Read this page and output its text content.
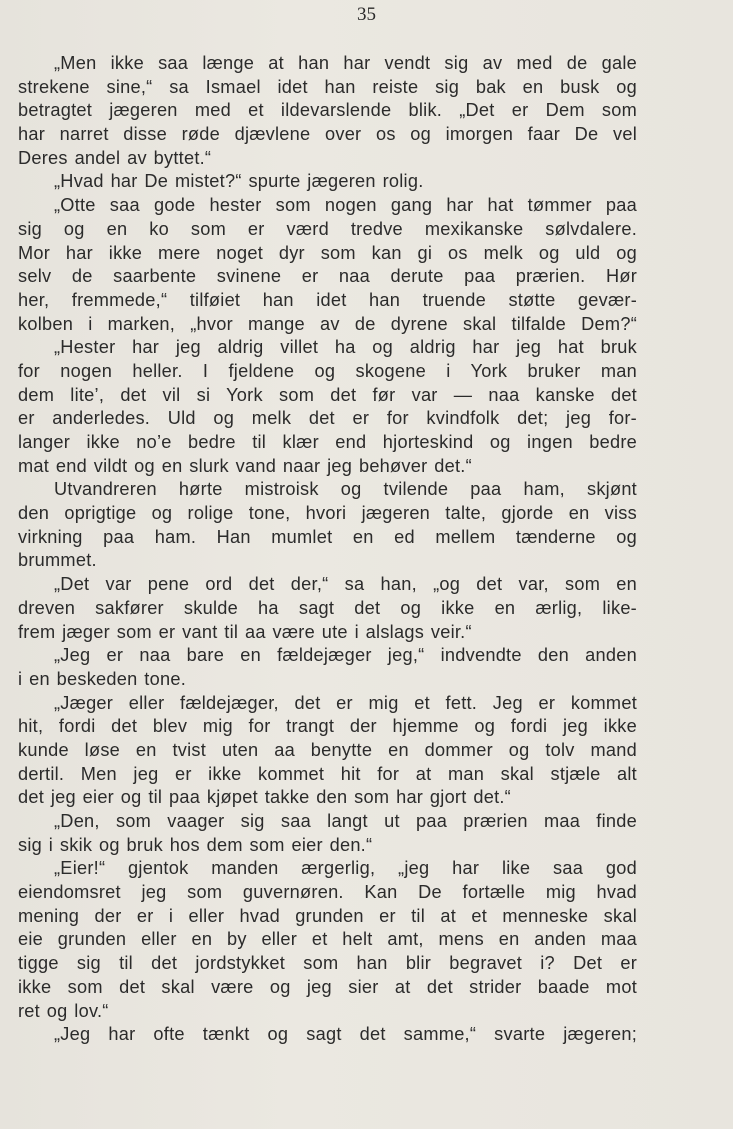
35

„Men ikke saa længe at han har vendt sig av med de gale
strekene sine,“ sa Ismael idet han reiste sig bak en busk og
betragtet jægeren med et ildevarslende blik. „Det er Dem som
har narret disse røde djævlene over os og imorgen faar De vel
Deres andel av byttet.“
„Hvad har De mistet?“ spurte jægeren rolig.
„Otte saa gode hester som nogen gang har hat tømmer paa
sig og en ko som er værd tredve mexikanske sølvdalere.
Mor har ikke mere noget dyr som kan gi os melk og uld og
selv de saarbente svinene er naa derute paa prærien. Hør
her, fremmede,“ tilføiet han idet han truende støtte gevær-
kolben i marken, „hvor mange av de dyrene skal tilfalde Dem?“
„Hester har jeg aldrig villet ha og aldrig har jeg hat bruk
for nogen heller. I fjeldene og skogene i York bruker man
dem lite’, det vil si York som det før var — naa kanske det
er anderledes. Uld og melk det er for kvindfolk det; jeg for-
langer ikke no’e bedre til klær end hjorteskind og ingen bedre
mat end vildt og en slurk vand naar jeg behøver det.“
Utvandreren hørte mistroisk og tvilende paa ham, skjønt
den oprigtige og rolige tone, hvori jægeren talte, gjorde en viss
virkning paa ham. Han mumlet en ed mellem tænderne og
brummet.
„Det var pene ord det der,“ sa han, „og det var, som en
dreven sakfører skulde ha sagt det og ikke en ærlig, like-
frem jæger som er vant til aa være ute i alslags veir.“
„Jeg er naa bare en fældejæger jeg,“ indvendte den anden
i en beskeden tone.
„Jæger eller fældejæger, det er mig et fett. Jeg er kommet
hit, fordi det blev mig for trangt der hjemme og fordi jeg ikke
kunde løse en tvist uten aa benytte en dommer og tolv mand
dertil. Men jeg er ikke kommet hit for at man skal stjæle alt
det jeg eier og til paa kjøpet takke den som har gjort det.“
„Den, som vaager sig saa langt ut paa prærien maa finde
sig i skik og bruk hos dem som eier den.“
„Eier!“ gjentok manden ærgerlig, „jeg har like saa god
eiendomsret jeg som guvernøren. Kan De fortælle mig hvad
mening der er i eller hvad grunden er til at et menneske skal
eie grunden eller en by eller et helt amt, mens en anden maa
tigge sig til det jordstykket som han blir begravet i? Det er
ikke som det skal være og jeg sier at det strider baade mot
ret og lov.“
„Jeg har ofte tænkt og sagt det samme,“ svarte jægeren;
